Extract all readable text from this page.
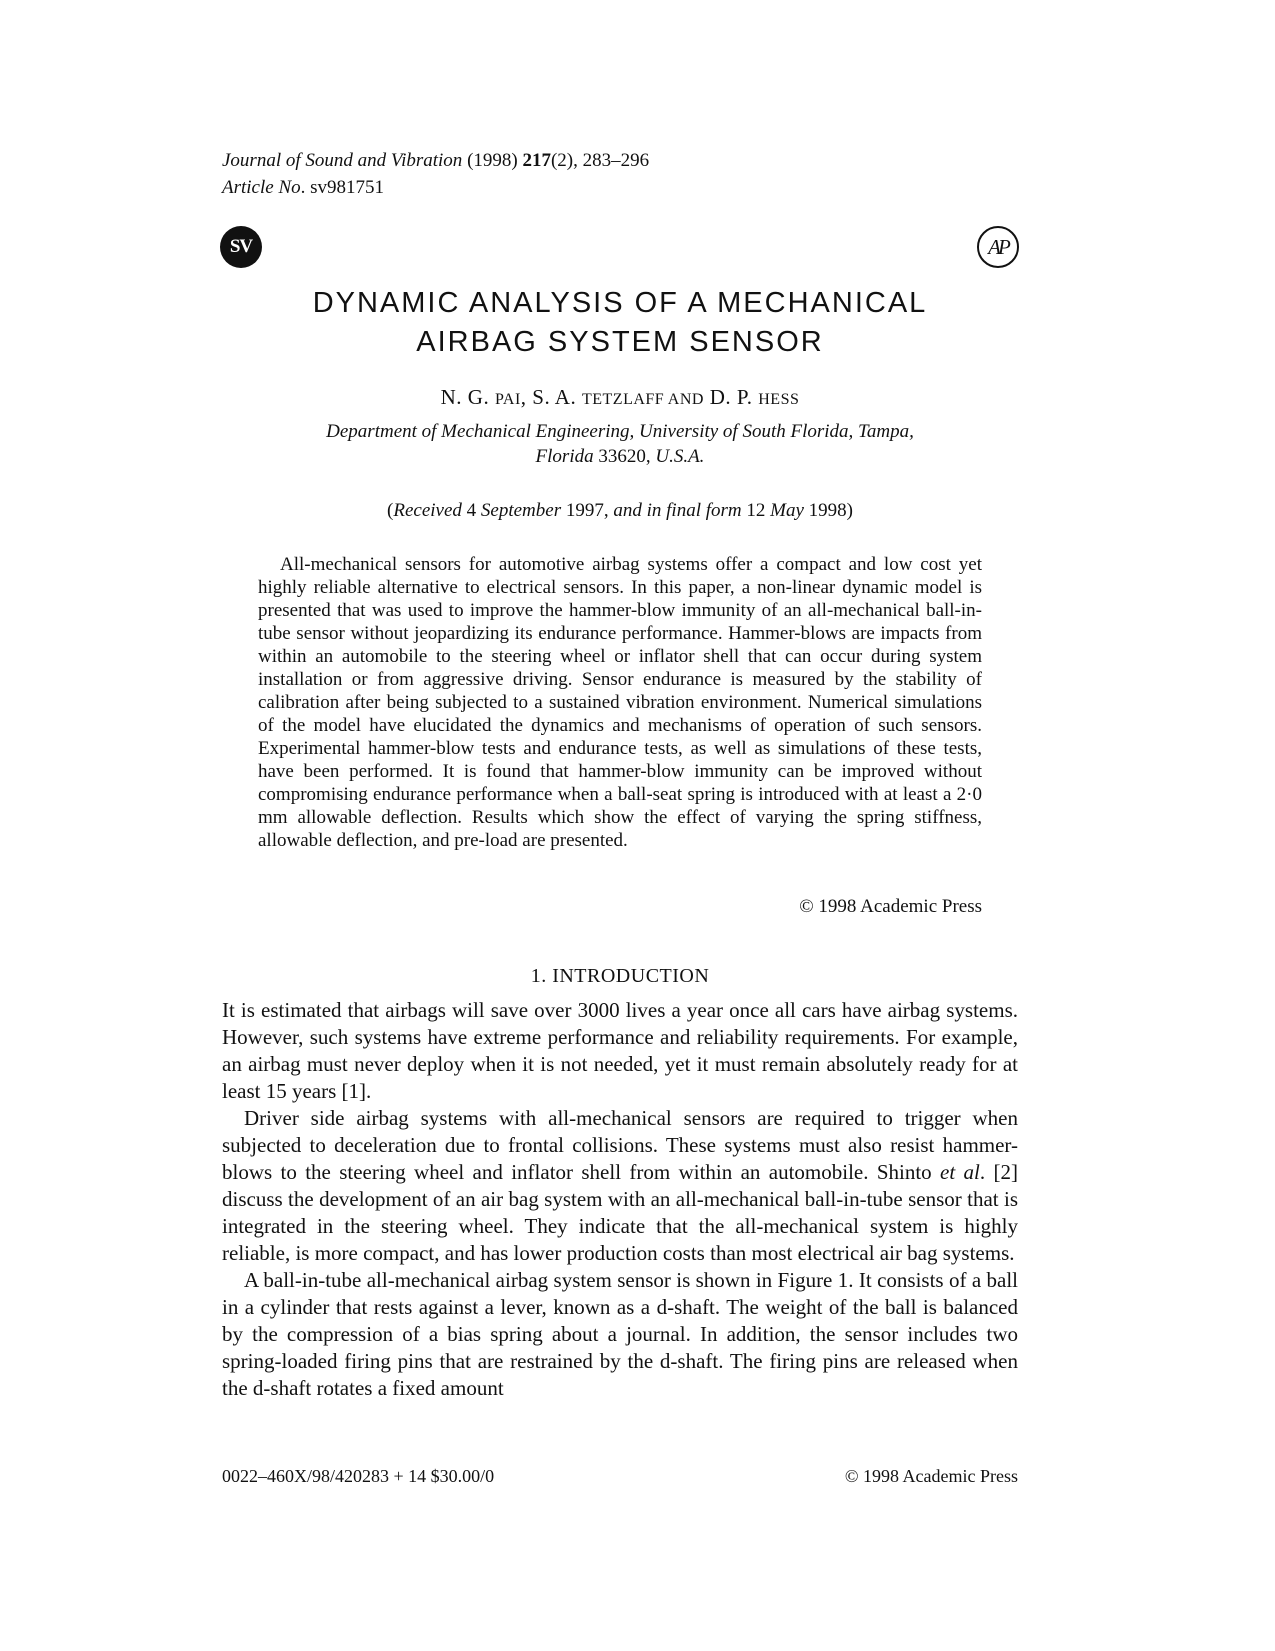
Journal of Sound and Vibration (1998) 217(2), 283–296
Article No. sv981751
SV	AP
DYNAMIC ANALYSIS OF A MECHANICAL
AIRBAG SYSTEM SENSOR
N. G. PAI, S. A. TETZLAFF AND D. P. HESS
Department of Mechanical Engineering, University of South Florida, Tampa,
Florida 33620, U.S.A.
(Received 4 September 1997, and in final form 12 May 1998)

All-mechanical sensors for automotive airbag systems offer a compact and low cost yet highly reliable alternative to electrical sensors. In this paper, a non-linear dynamic model is presented that was used to improve the hammer-blow immunity of an all-mechanical ball-in-tube sensor without jeopardizing its endurance performance. Hammer-blows are impacts from within an automobile to the steering wheel or inflator shell that can occur during system installation or from aggressive driving. Sensor endurance is measured by the stability of calibration after being subjected to a sustained vibration environment. Numerical simulations of the model have elucidated the dynamics and mechanisms of operation of such sensors. Experimental hammer-blow tests and endurance tests, as well as simulations of these tests, have been performed. It is found that hammer-blow immunity can be improved without compromising endurance performance when a ball-seat spring is introduced with at least a 2·0 mm allowable deflection. Results which show the effect of varying the spring stiffness, allowable deflection, and pre-load are presented.

© 1998 Academic Press
1. INTRODUCTION

It is estimated that airbags will save over 3000 lives a year once all cars have airbag systems. However, such systems have extreme performance and reliability requirements. For example, an airbag must never deploy when it is not needed, yet it must remain absolutely ready for at least 15 years [1].

Driver side airbag systems with all-mechanical sensors are required to trigger when subjected to deceleration due to frontal collisions. These systems must also resist hammer-blows to the steering wheel and inflator shell from within an automobile. Shinto et al. [2] discuss the development of an air bag system with an all-mechanical ball-in-tube sensor that is integrated in the steering wheel. They indicate that the all-mechanical system is highly reliable, is more compact, and has lower production costs than most electrical air bag systems.

A ball-in-tube all-mechanical airbag system sensor is shown in Figure 1. It consists of a ball in a cylinder that rests against a lever, known as a d-shaft. The weight of the ball is balanced by the compression of a bias spring about a journal. In addition, the sensor includes two spring-loaded firing pins that are restrained by the d-shaft. The firing pins are released when the d-shaft rotates a fixed amount

0022–460X/98/420283 + 14 $30.00/0	© 1998 Academic Press
